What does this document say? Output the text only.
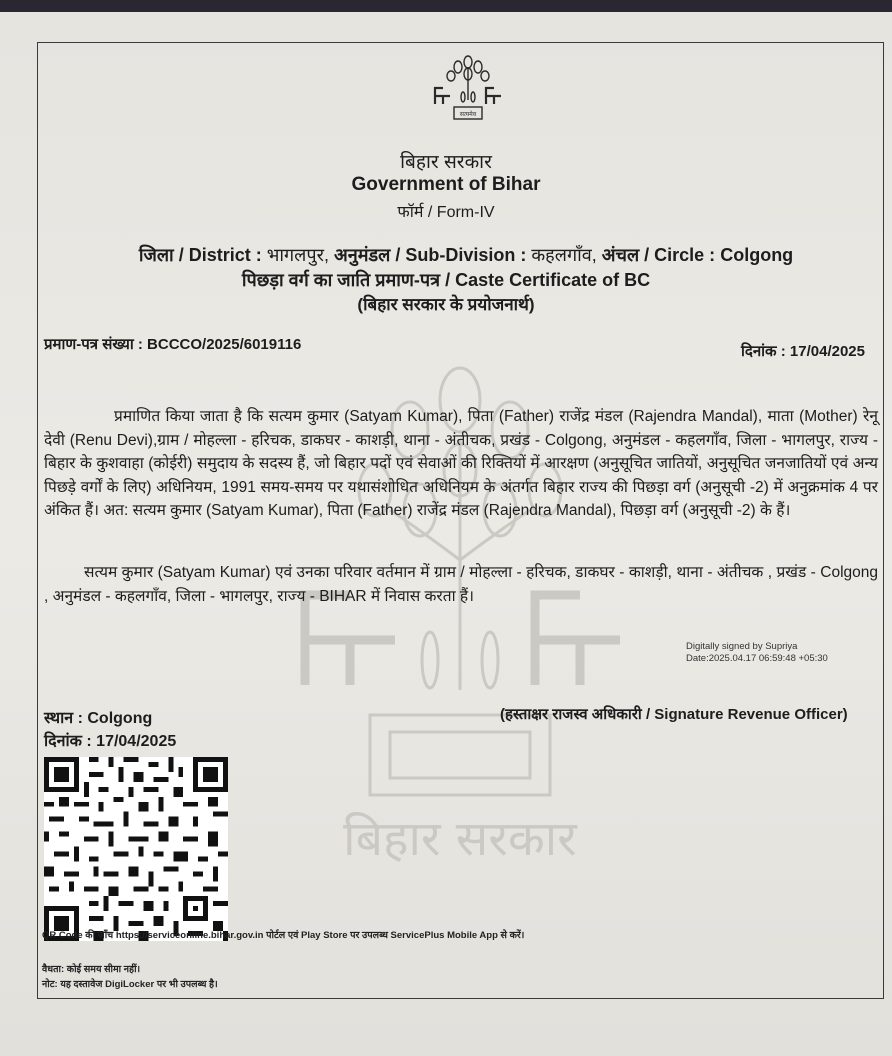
बिहार सरकार
सत्यमेव
बिहार सरकार
Government of Bihar
फॉर्म / Form-IV
जिला / District : भागलपुर, अनुमंडल / Sub-Division : कहलगाँव, अंचल / Circle : Colgong
पिछड़ा वर्ग का जाति प्रमाण-पत्र / Caste Certificate of BC
(बिहार सरकार के प्रयोजनार्थ)
प्रमाण-पत्र संख्या : BCCCO/2025/6019116	दिनांक : 17/04/2025
प्रमाणित किया जाता है कि सत्यम कुमार (Satyam Kumar), पिता (Father) राजेंद्र मंडल (Rajendra Mandal), माता (Mother) रेनू देवी (Renu Devi),ग्राम / मोहल्ला - हरिचक, डाकघर - काशड़ी, थाना - अंतीचक, प्रखंड - Colgong, अनुमंडल - कहलगाँव, जिला - भागलपुर, राज्य - बिहार के कुशवाहा (कोईरी) समुदाय के सदस्य हैं, जो बिहार पदों एवं सेवाओं की रिक्तियों में आरक्षण (अनुसूचित जातियों, अनुसूचित जनजातियों एवं अन्य पिछड़े वर्गों के लिए) अधिनियम, 1991 समय-समय पर यथासंशोधित अधिनियम के अंतर्गत बिहार राज्य की पिछड़ा वर्ग (अनुसूची -2) में अनुक्रमांक 4 पर अंकित हैं। अत: सत्यम कुमार (Satyam Kumar), पिता (Father) राजेंद्र मंडल (Rajendra Mandal), पिछड़ा वर्ग (अनुसूची -2) के हैं।
सत्यम कुमार (Satyam Kumar) एवं उनका परिवार वर्तमान में ग्राम / मोहल्ला - हरिचक, डाकघर - काशड़ी, थाना - अंतीचक , प्रखंड - Colgong , अनुमंडल - कहलगाँव, जिला - भागलपुर, राज्य - BIHAR में निवास करता हैं।
Digitally signed by Supriya
Date:2025.04.17 06:59:48 +05:30
स्थान : Colgong
दिनांक : 17/04/2025
(हस्ताक्षर राजस्व अधिकारी / Signature Revenue Officer)
QR Code की जाँच https://serviceonline.bihar.gov.in पोर्टल एवं Play Store पर उपलब्ध ServicePlus Mobile App से करें।
वैधता: कोई समय सीमा नहीं।
नोट: यह दस्तावेज DigiLocker पर भी उपलब्ध है।
